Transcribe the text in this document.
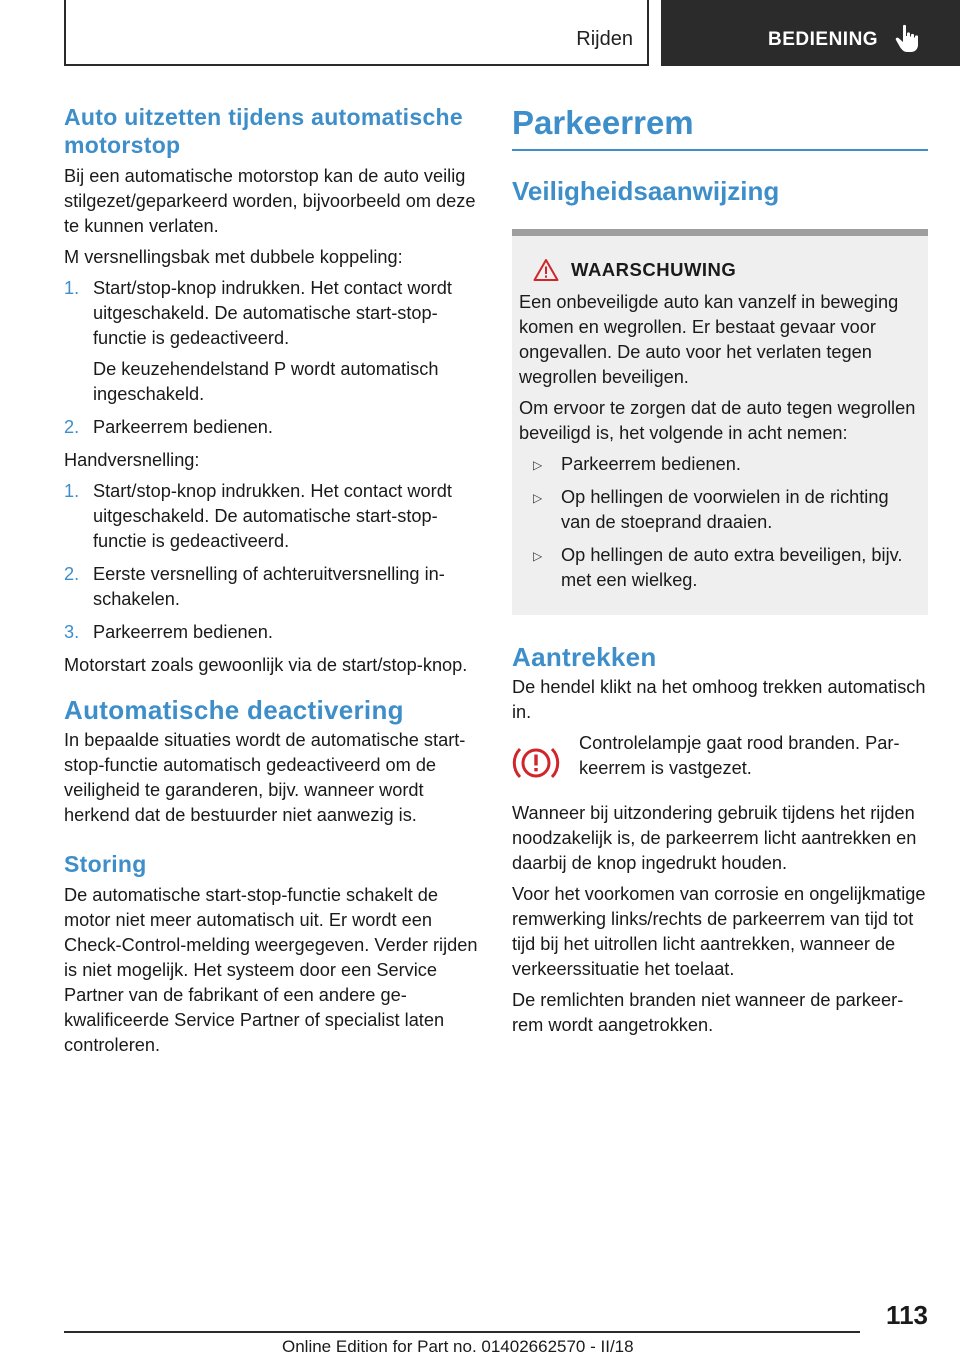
Rijden	BEDIENING
Auto uitzetten tijdens automatische motorstop

Bij een automatische motorstop kan de auto veilig stilgezet/geparkeerd worden, bijvoorbeeld om deze te kunnen verlaten.

M versnellingsbak met dubbele koppeling:

1. Start/stop-knop indrukken. Het contact wordt uitgeschakeld. De automatische start-stop-functie is gedeactiveerd.

De keuzehendelstand P wordt automatisch ingeschakeld.

2. Parkeerrem bedienen.

Handversnelling:

1. Start/stop-knop indrukken. Het contact wordt uitgeschakeld. De automatische start-stop-functie is gedeactiveerd.
2. Eerste versnelling of achteruitversnelling inschakelen.
3. Parkeerrem bedienen.

Motorstart zoals gewoonlijk via de start/stop-knop.

Automatische deactivering

In bepaalde situaties wordt de automatische start-stop-functie automatisch gedeactiveerd om de veiligheid te garanderen, bijv. wanneer wordt herkend dat de bestuurder niet aanwezig is.

Storing

De automatische start-stop-functie schakelt de motor niet meer automatisch uit. Er wordt een Check-Control-melding weergegeven. Verder rijden is niet mogelijk. Het systeem door een Service Partner van de fabrikant of een andere gekwalificeerde Service Partner of specialist laten controleren.

Parkeerrem
Veiligheidsaanwijzing
WAARSCHUWING

Een onbeveiligde auto kan vanzelf in beweging komen en wegrollen. Er bestaat gevaar voor ongevallen. De auto voor het verlaten tegen wegrollen beveiligen.

Om ervoor te zorgen dat de auto tegen wegrollen beveiligd is, het volgende in acht nemen:

▷ Parkeerrem bedienen.
▷ Op hellingen de voorwielen in de richting van de stoeprand draaien.
▷ Op hellingen de auto extra beveiligen, bijv. met een wielkeg.
Aantrekken

De hendel klikt na het omhoog trekken automatisch in.

Controlelampje gaat rood branden. Parkeerrem is vastgezet.

Wanneer bij uitzondering gebruik tijdens het rijden noodzakelijk is, de parkeerrem licht aantrekken en daarbij de knop ingedrukt houden.

Voor het voorkomen van corrosie en ongelijkmatige remwerking links/rechts de parkeerrem van tijd tot tijd bij het uitrollen licht aantrekken, wanneer de verkeerssituatie het toelaat.

De remlichten branden niet wanneer de parkeerrem wordt aangetrokken.

113
Online Edition for Part no. 01402662570 - II/18
